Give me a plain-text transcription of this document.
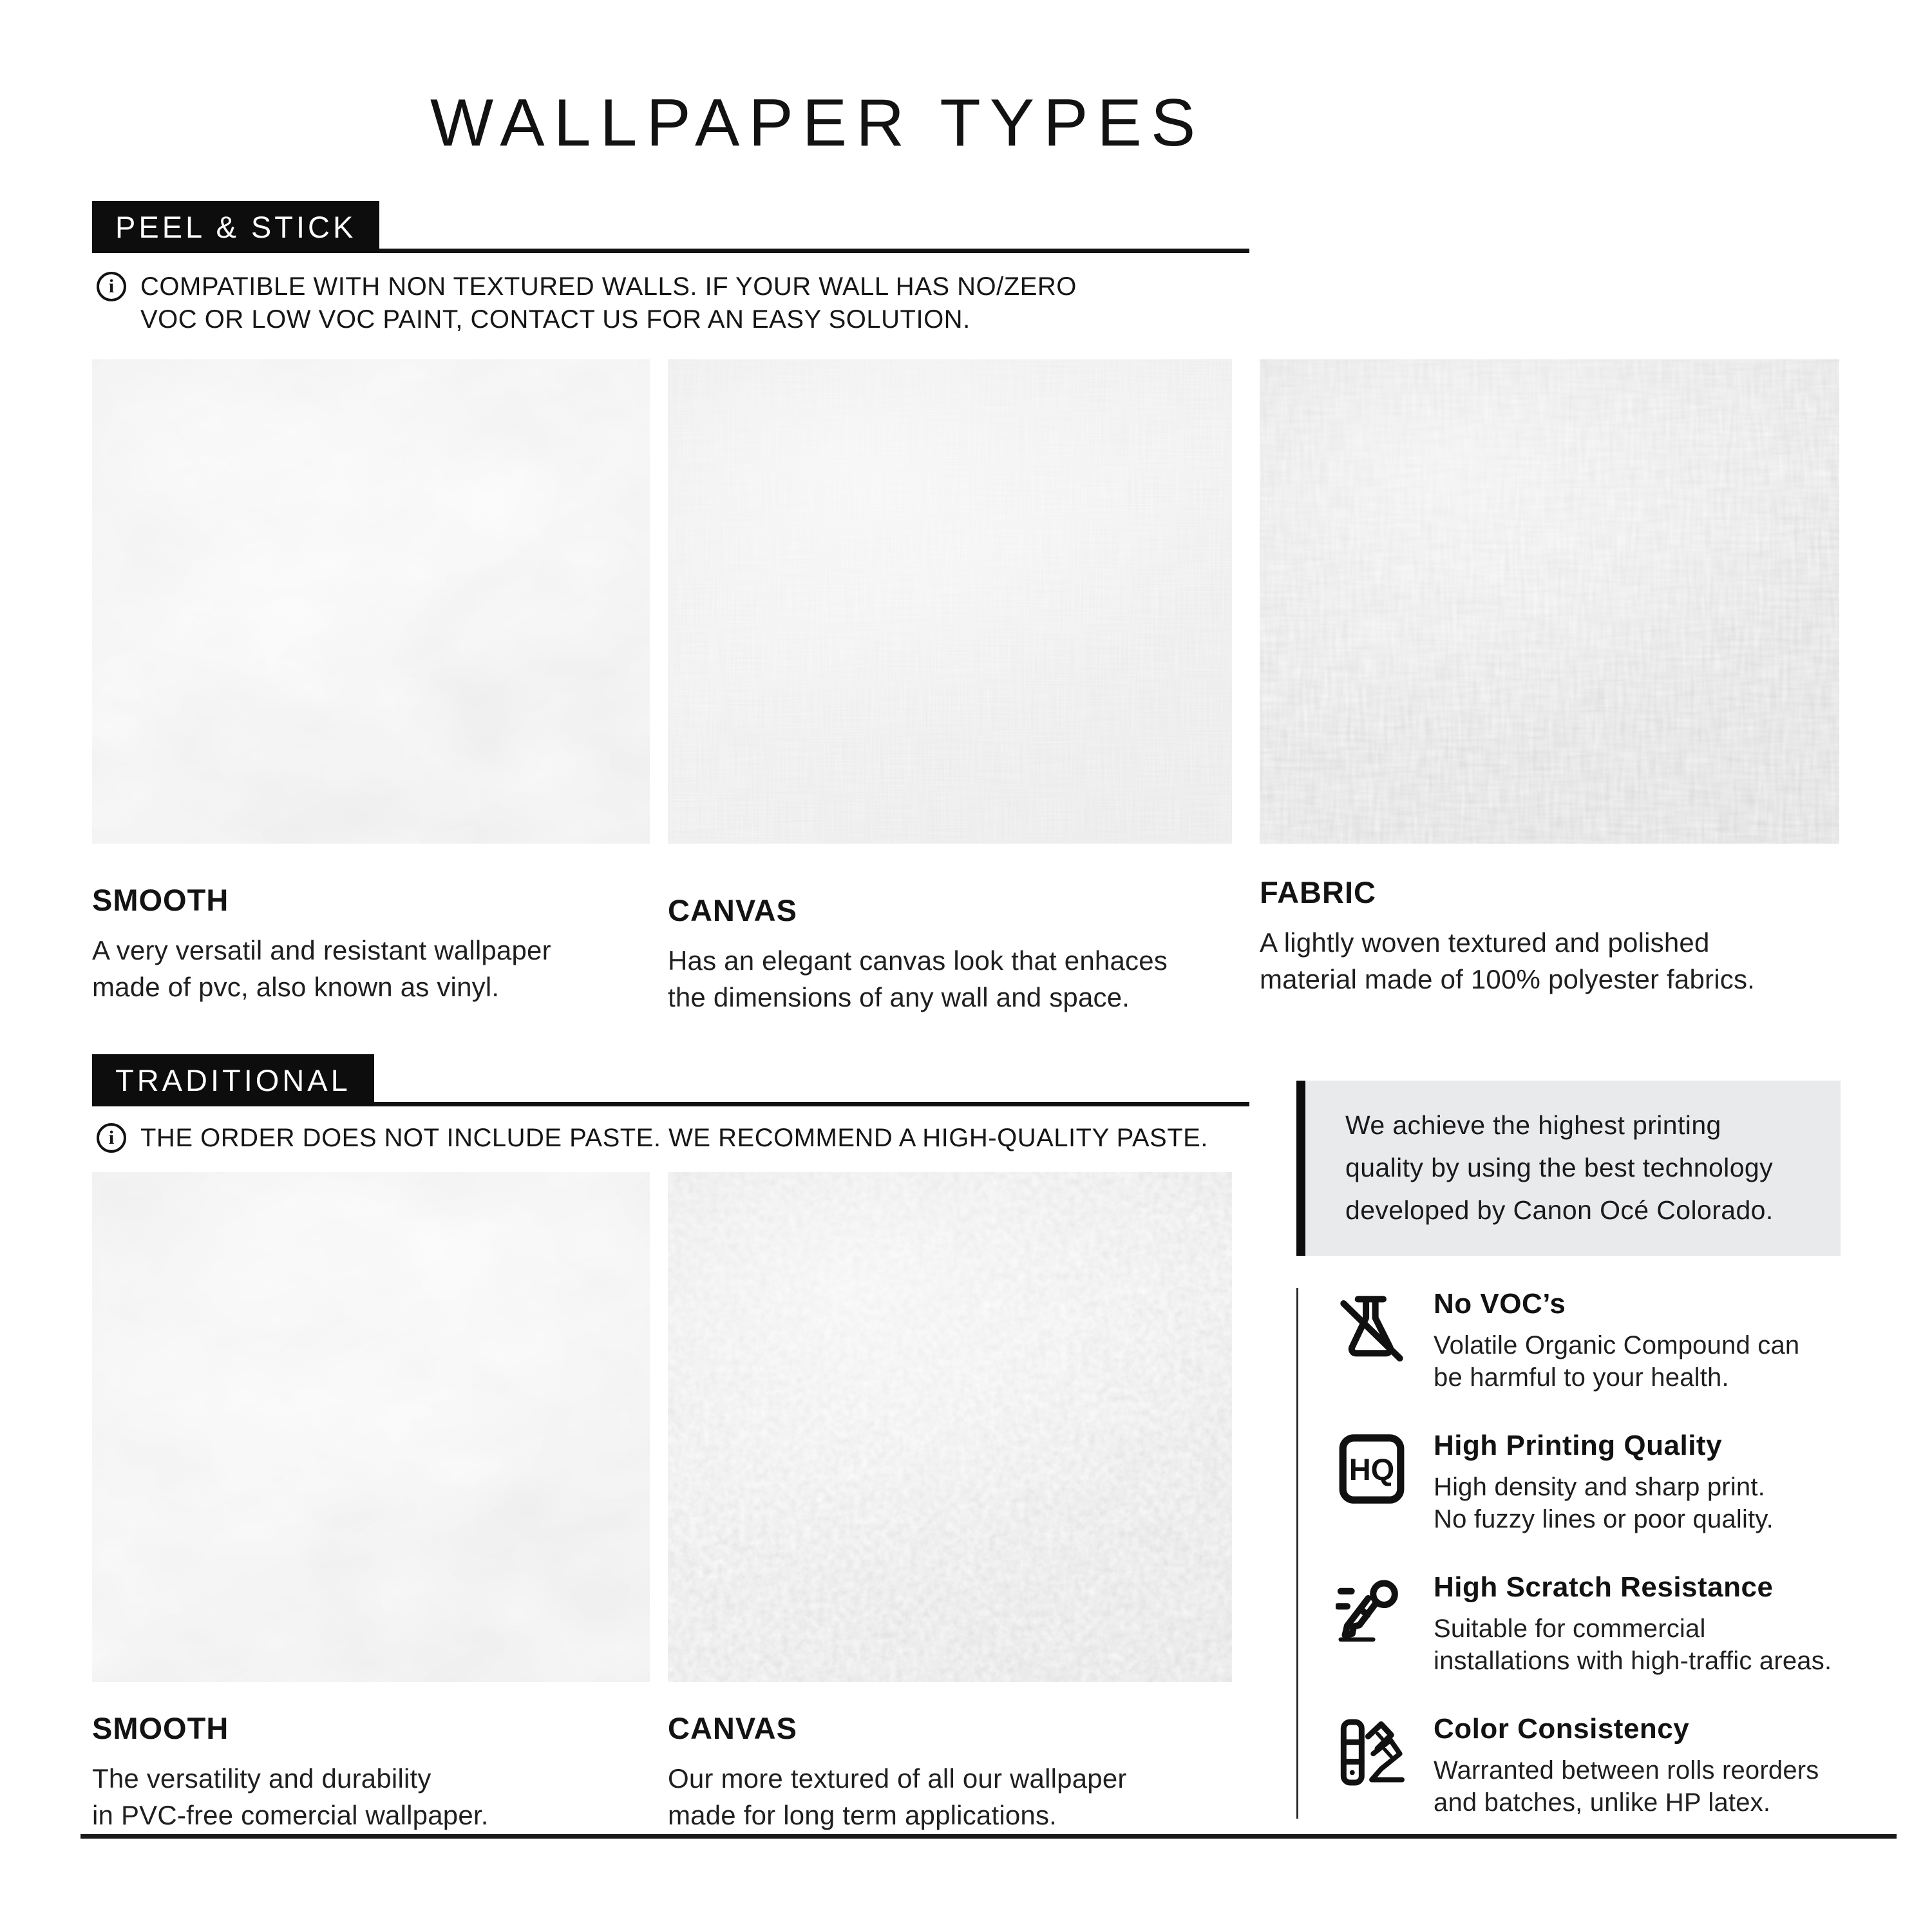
WALLPAPER TYPES
PEEL & STICK
i	COMPATIBLE WITH NON TEXTURED WALLS. IF YOUR WALL HAS NO/ZERO
VOC OR LOW VOC PAINT, CONTACT US FOR AN EASY SOLUTION.

SMOOTH

A very versatil and resistant wallpaper
made of pvc, also known as vinyl.

CANVAS

Has an elegant canvas look that enhaces
the dimensions of any wall and space.

FABRIC

A lightly woven textured and polished
material made of 100% polyester fabrics.

TRADITIONAL
i	THE ORDER DOES NOT INCLUDE PASTE. WE RECOMMEND A HIGH-QUALITY PASTE.

SMOOTH

The versatility and durability
in PVC-free comercial wallpaper.

CANVAS

Our more textured of all our wallpaper
made for long term applications.

We achieve the highest printing
quality by using the best technology
developed by Canon Océ Colorado.

No VOC’s

Volatile Organic Compound can
be harmful to your health.

HQ
High Printing Quality

High density and sharp print.
No fuzzy lines or poor quality.

High Scratch Resistance

Suitable for commercial
installations with high-traffic areas.

Color Consistency

Warranted between rolls reorders
and batches, unlike HP latex.
